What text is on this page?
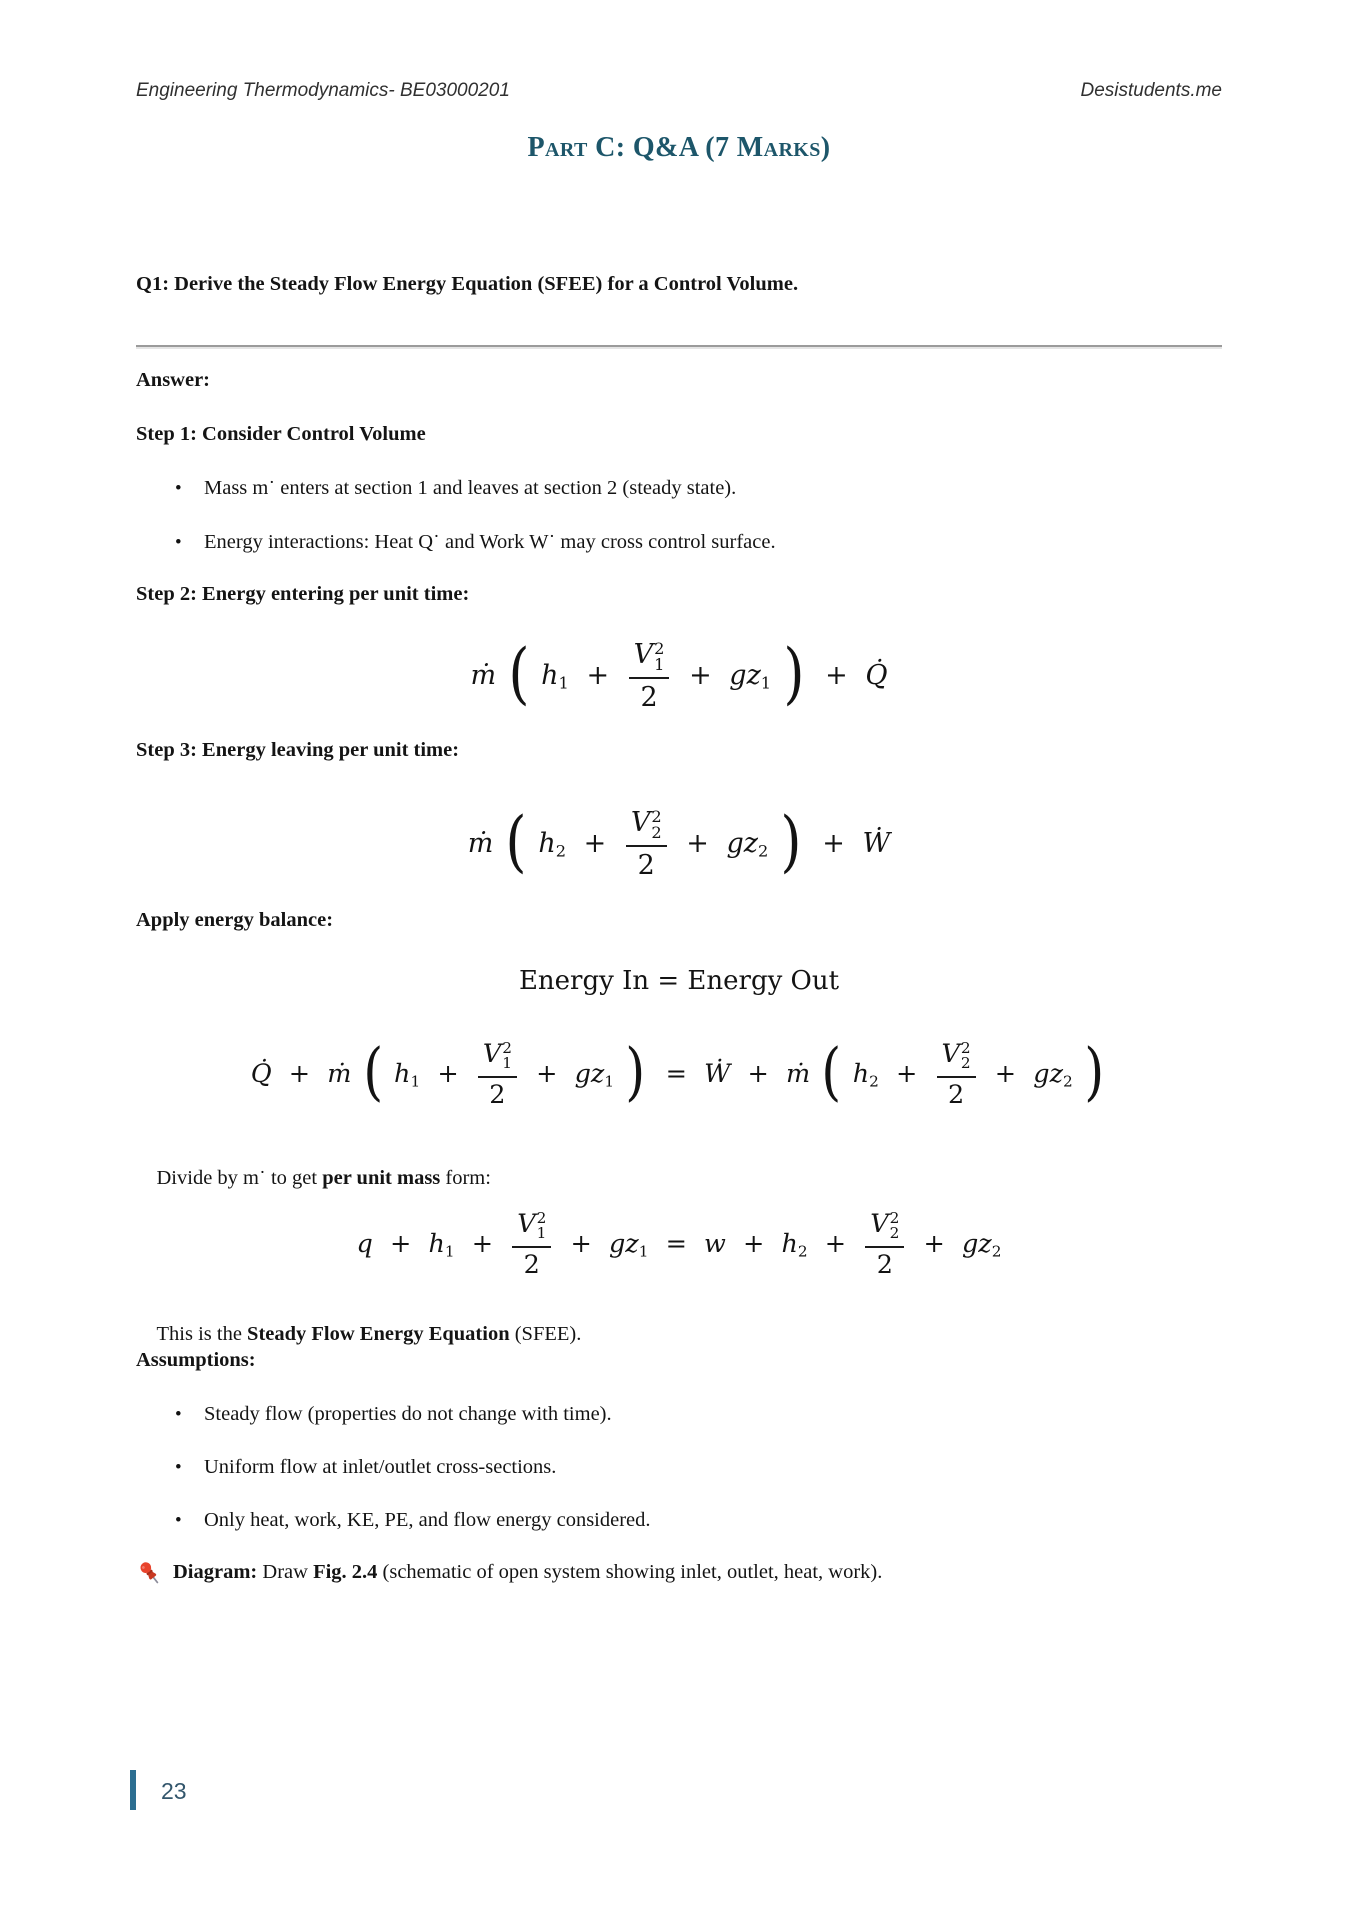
Engineering Thermodynamics- BE03000201	Desistudents.me
Part C: Q&A (7 Marks)
Q1: Derive the Steady Flow Energy Equation (SFEE) for a Control Volume.
Answer:
Step 1: Consider Control Volume
• Mass m˙ enters at section 1 and leaves at section 2 (steady state).
• Energy interactions: Heat Q˙ and Work W˙ may cross control surface.
Step 2: Energy entering per unit time:
ṁ ( h1 + V 2
1
2 + gz1 ) + Q̇
Step 3: Energy leaving per unit time:
ṁ ( h2 + V 2
2
2 + gz2 ) + Ẇ
Apply energy balance:
Energy In = Energy Out
Q̇ + ṁ ( h1 + V 2
1
2 + gz1 ) = Ẇ + ṁ ( h2 + V 2
2
2 + gz2 )

Divide by m˙ to get per unit mass form:

q + h1 + V 2
1
2 + gz1 = w + h2 + V 2
2
2 + gz2

This is the Steady Flow Energy Equation (SFEE).

Assumptions:
• Steady flow (properties do not change with time).
• Uniform flow at inlet/outlet cross-sections.
• Only heat, work, KE, PE, and flow energy considered.
Diagram: Draw Fig. 2.4 (schematic of open system showing inlet, outlet, heat, work).
23
